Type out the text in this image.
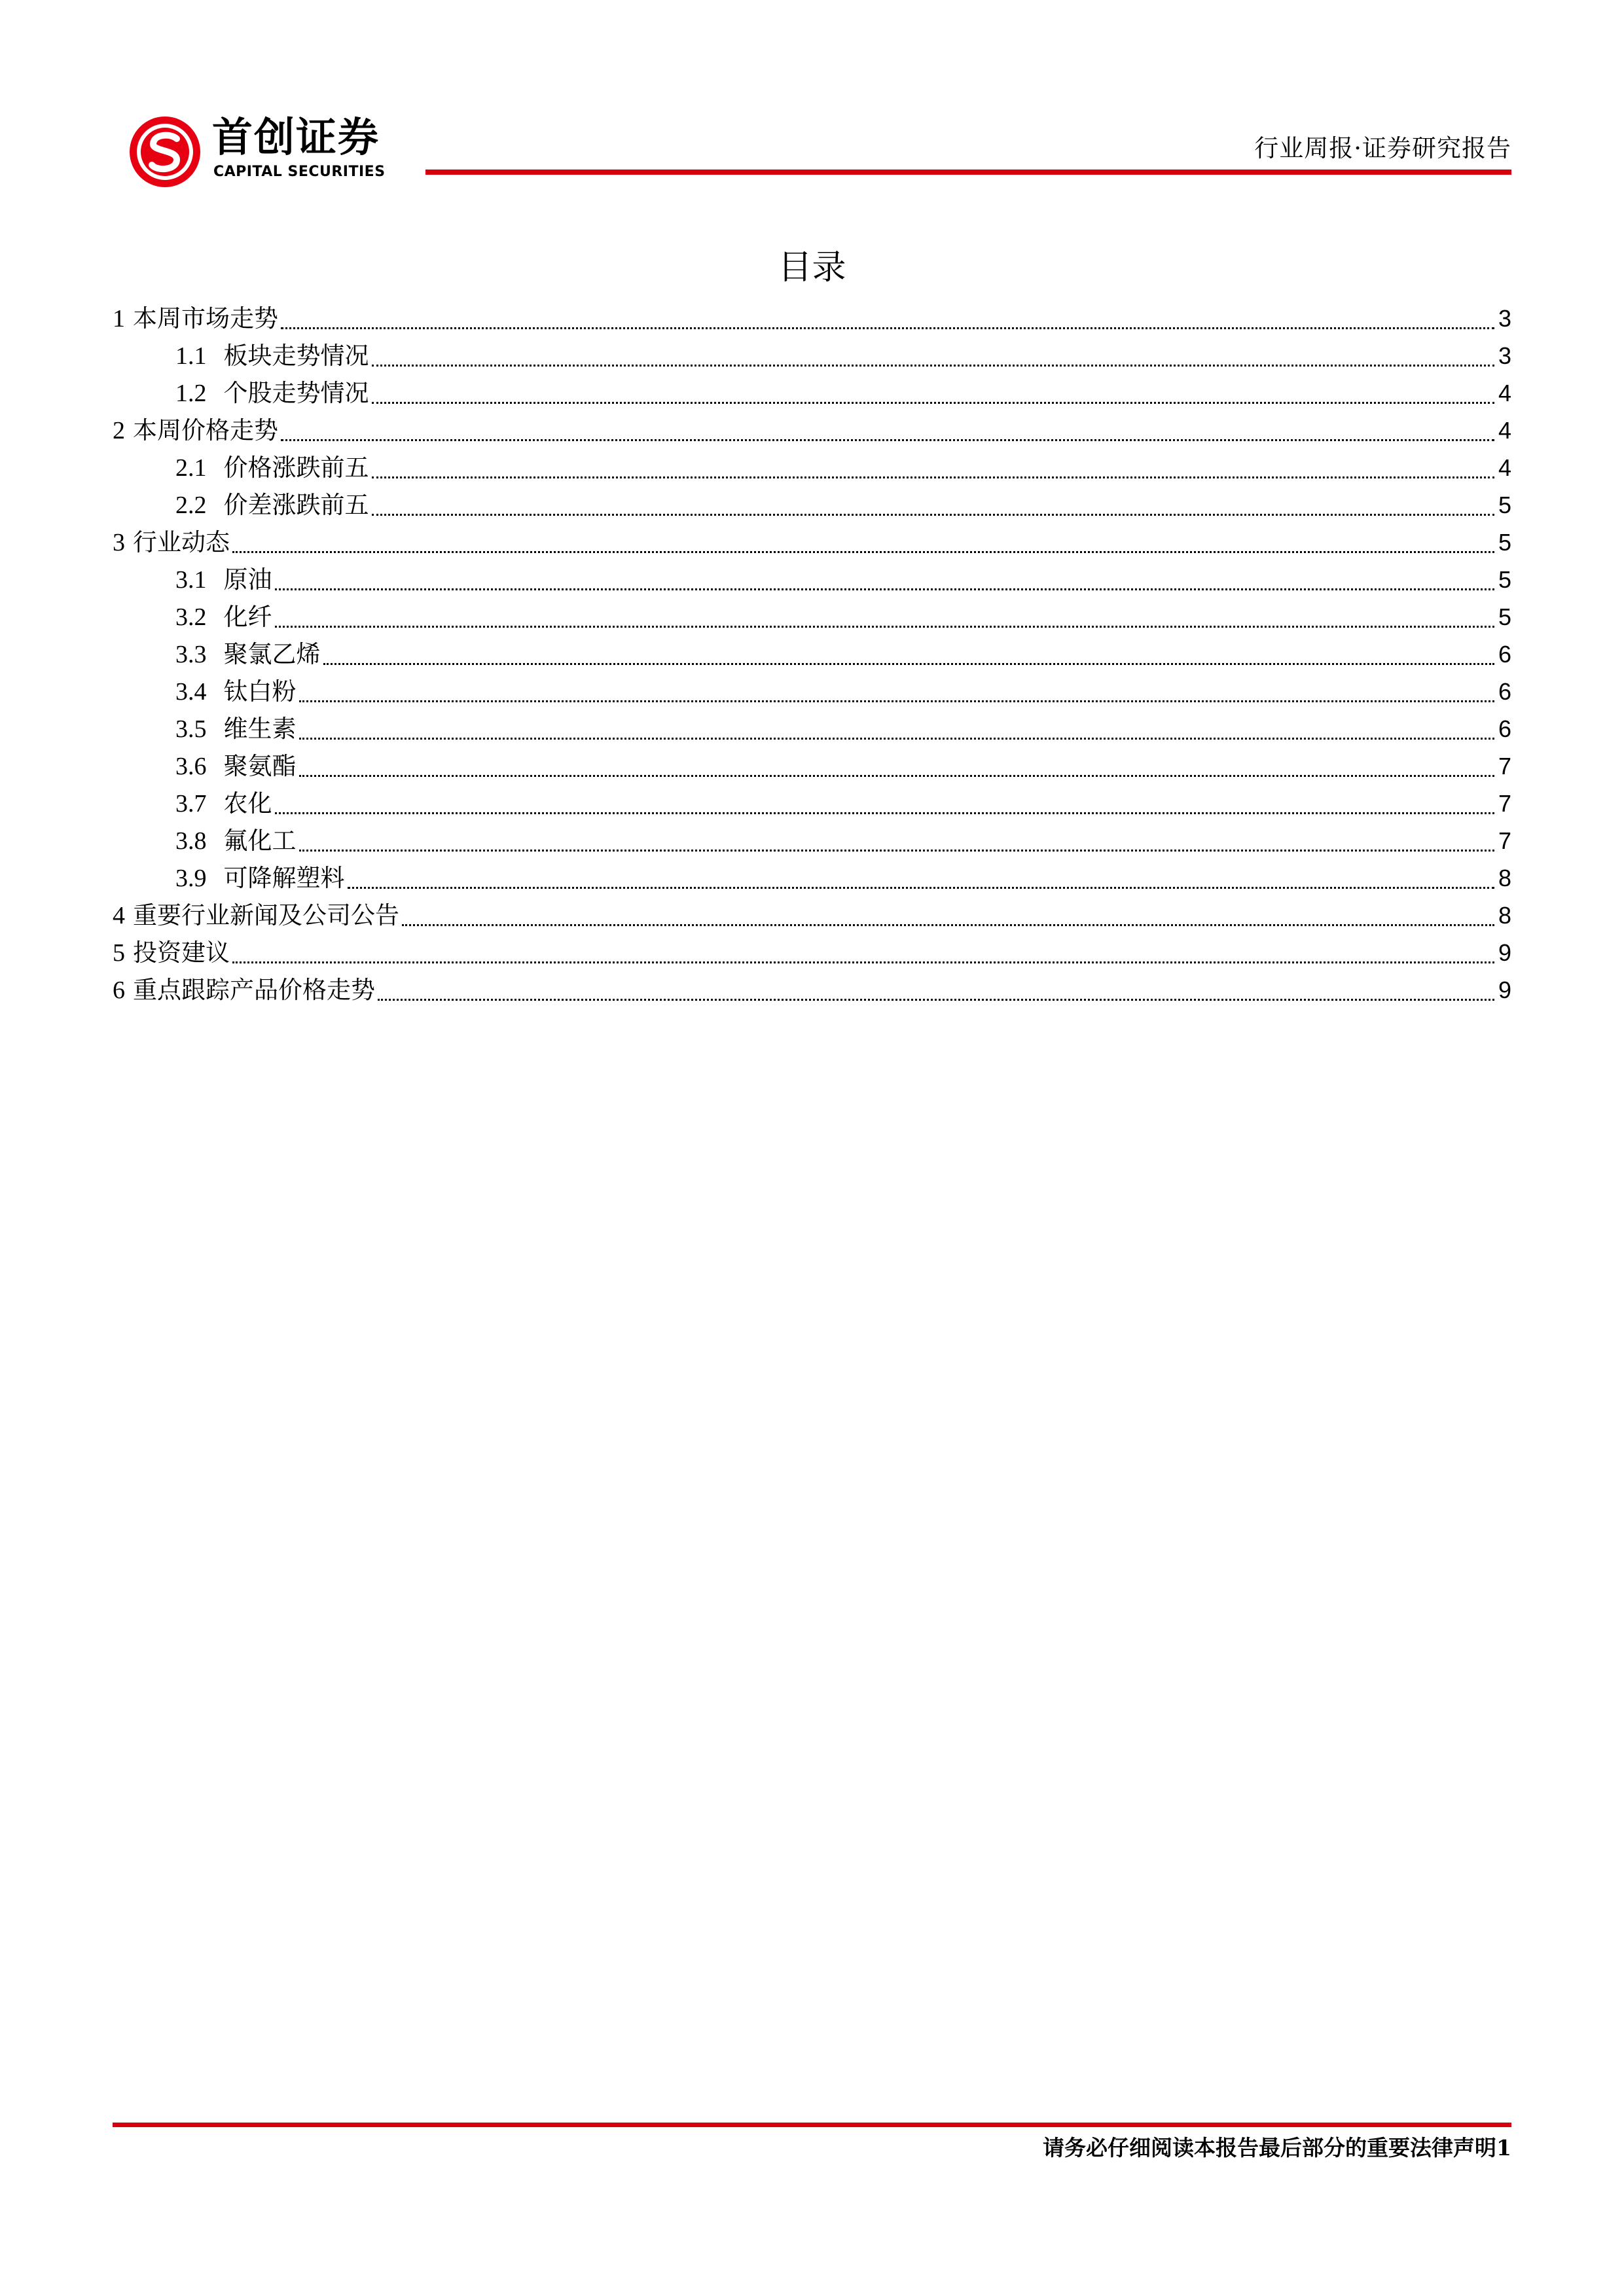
首创证券
CAPITAL SECURITIES
行业周报·证券研究报告
目录
1 本周市场走势	3
1.1 板块走势情况	3
1.2 个股走势情况	4
2 本周价格走势	4
2.1 价格涨跌前五	4
2.2 价差涨跌前五	5
3 行业动态	5
3.1 原油	5
3.2 化纤	5
3.3 聚氯乙烯	6
3.4 钛白粉	6
3.5 维生素	6
3.6 聚氨酯	7
3.7 农化	7
3.8 氟化工	7
3.9 可降解塑料	8
4 重要行业新闻及公司公告	8
5 投资建议	9
6 重点跟踪产品价格走势	9
请务必仔细阅读本报告最后部分的重要法律声明1
